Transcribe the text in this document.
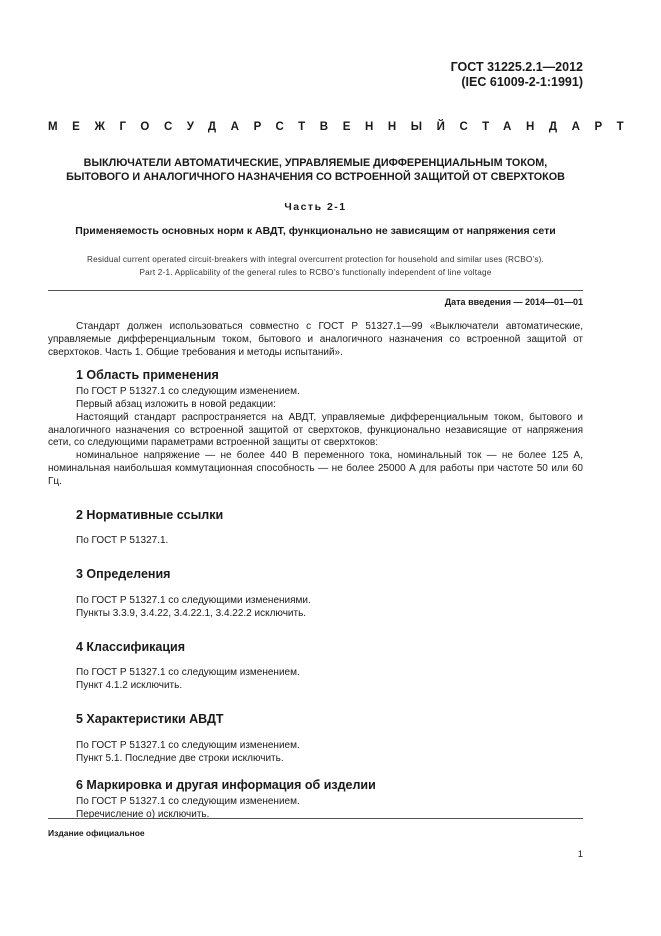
ГОСТ 31225.2.1—2012
(IEC 61009-2-1:1991)
МЕЖГОСУДАРСТВЕННЫЙ СТАНДАРТ
ВЫКЛЮЧАТЕЛИ АВТОМАТИЧЕСКИЕ, УПРАВЛЯЕМЫЕ ДИФФЕРЕНЦИАЛЬНЫМ ТОКОМ,
БЫТОВОГО И АНАЛОГИЧНОГО НАЗНАЧЕНИЯ СО ВСТРОЕННОЙ ЗАЩИТОЙ ОТ СВЕРХТОКОВ
Часть 2-1
Применяемость основных норм к АВДТ, функционально не зависящим от напряжения сети
Residual current operated circuit-breakers with integral overcurrent protection for household and similar uses (RCBO’s).
Part 2-1. Applicability of the general rules to RCBO’s functionally independent of line voltage
Дата введения — 2014—01—01

Стандарт должен использоваться совместно с ГОСТ Р 51327.1—99 «Выключатели автоматические, управляемые дифференциальным током, бытового и аналогичного назначения со встроенной защитой от сверхтоков. Часть 1. Общие требования и методы испытаний».

1 Область применения

По ГОСТ Р 51327.1 со следующим изменением.

Первый абзац изложить в новой редакции:

Настоящий стандарт распространяется на АВДТ, управляемые дифференциальным током, бытового и аналогичного назначения со встроенной защитой от сверхтоков, функционально независящие от напряжения сети, со следующими параметрами встроенной защиты от сверхтоков:

номинальное напряжение — не более 440 В переменного тока, номинальный ток — не более 125 А, номинальная наибольшая коммутационная способность — не более 25000 А для работы при частоте 50 или 60 Гц.

2 Нормативные ссылки

По ГОСТ Р 51327.1.

3 Определения

По ГОСТ Р 51327.1 со следующими изменениями.

Пункты 3.3.9, 3.4.22, 3.4.22.1, 3.4.22.2 исключить.

4 Классификация

По ГОСТ Р 51327.1 со следующим изменением.

Пункт 4.1.2 исключить.

5 Характеристики АВДТ

По ГОСТ Р 51327.1 со следующим изменением.

Пункт 5.1. Последние две строки исключить.

6 Маркировка и другая информация об изделии

По ГОСТ Р 51327.1 со следующим изменением.

Перечисление о) исключить.

Издание официальное
1
